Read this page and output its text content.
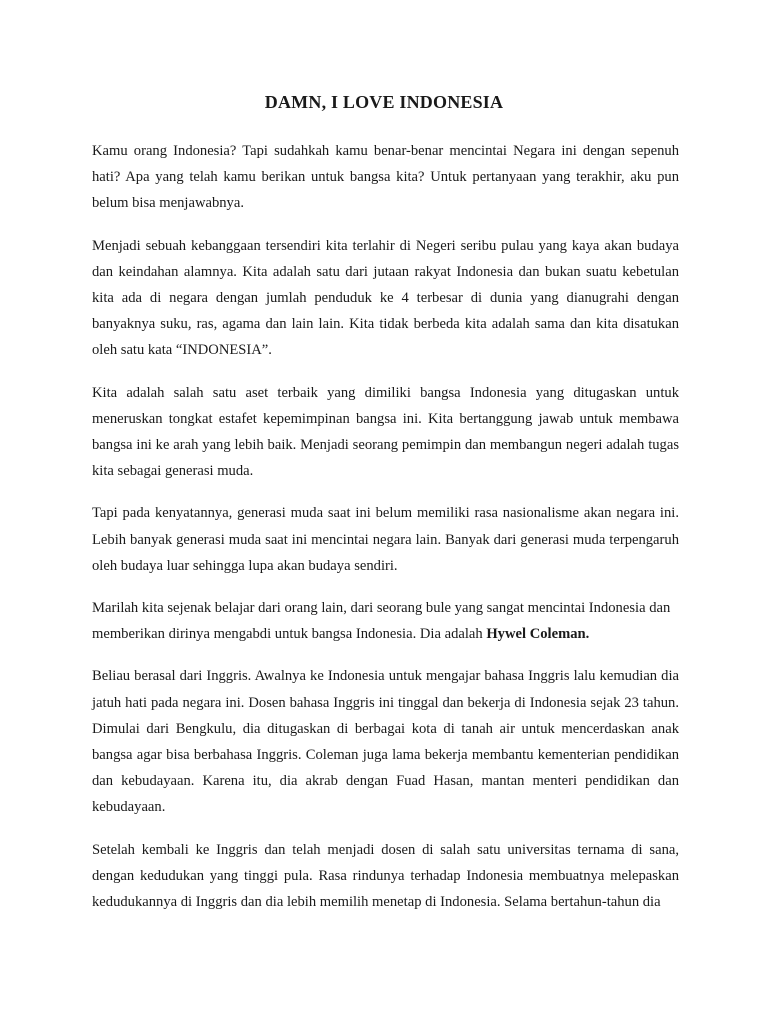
DAMN, I LOVE INDONESIA

Kamu orang Indonesia? Tapi sudahkah kamu benar-benar mencintai Negara ini dengan sepenuh hati? Apa yang telah kamu berikan untuk bangsa kita? Untuk pertanyaan yang terakhir, aku pun belum bisa menjawabnya.

Menjadi sebuah kebanggaan tersendiri kita terlahir di Negeri seribu pulau yang kaya akan budaya dan keindahan alamnya. Kita adalah satu dari jutaan rakyat Indonesia dan bukan suatu kebetulan kita ada di negara dengan jumlah penduduk ke 4 terbesar di dunia yang dianugrahi dengan banyaknya suku, ras, agama dan lain lain. Kita tidak berbeda kita adalah sama dan kita disatukan oleh satu kata “INDONESIA”.

Kita adalah salah satu aset terbaik yang dimiliki bangsa Indonesia yang ditugaskan untuk meneruskan tongkat estafet kepemimpinan bangsa ini. Kita bertanggung jawab untuk membawa bangsa ini ke arah yang lebih baik. Menjadi seorang pemimpin dan membangun negeri adalah tugas kita sebagai generasi muda.

Tapi pada kenyatannya, generasi muda saat ini belum memiliki rasa nasionalisme akan negara ini. Lebih banyak generasi muda saat ini mencintai negara lain. Banyak dari generasi muda terpengaruh oleh budaya luar sehingga lupa akan budaya sendiri.

Marilah kita sejenak belajar dari orang lain, dari seorang bule yang sangat mencintai Indonesia dan memberikan dirinya mengabdi untuk bangsa Indonesia. Dia adalah Hywel Coleman.

Beliau berasal dari Inggris. Awalnya ke Indonesia untuk mengajar bahasa Inggris lalu kemudian dia jatuh hati pada negara ini. Dosen bahasa Inggris ini tinggal dan bekerja di Indonesia sejak 23 tahun. Dimulai dari Bengkulu, dia ditugaskan di berbagai kota di tanah air untuk mencerdaskan anak bangsa agar bisa berbahasa Inggris. Coleman juga lama bekerja membantu kementerian pendidikan dan kebudayaan. Karena itu, dia akrab dengan Fuad Hasan, mantan menteri pendidikan dan kebudayaan.

Setelah kembali ke Inggris dan telah menjadi dosen di salah satu universitas ternama di sana, dengan kedudukan yang tinggi pula. Rasa rindunya terhadap Indonesia membuatnya melepaskan kedudukannya di Inggris dan dia lebih memilih menetap di Indonesia. Selama bertahun-tahun dia
